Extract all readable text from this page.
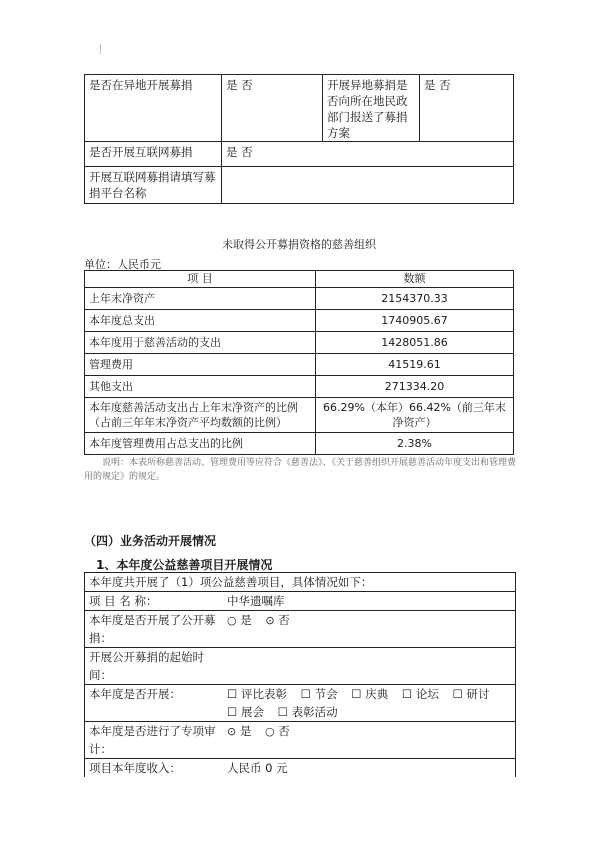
是否在异地开展募捐	是 否	开展异地募捐是否向所在地民政部门报送了募捐方案	是 否
是否开展互联网募捐	是 否		
开展互联网募捐请填写募捐平台名称			
未取得公开募捐资格的慈善组织
单位：人民币元
项 目	数额
上年末净资产	2154370.33
本年度总支出	1740905.67
本年度用于慈善活动的支出	1428051.86
管理费用	41519.61
其他支出	271334.20
本年度慈善活动支出占上年末净资产的比例（占前三年年末净资产平均数额的比例）	66.29%（本年）66.42%（前三年末净资产）
本年度管理费用占总支出的比例	2.38%
说明：本表所称慈善活动、管理费用等应符合《慈善法》、《关于慈善组织开展慈善活动年度支出和管理费用的规定》的规定。
（四）业务活动开展情况
1、本年度公益慈善项目开展情况
本年度共开展了（1）项公益慈善项目，具体情况如下：	
项 目 名 称：	中华遗嘱库
本年度是否开展了公开募捐：	○ 是 ⊙ 否
开展公开募捐的起始时间：	
本年度是否开展：	☐ 评比表彰 ☐ 节会 ☐ 庆典 ☐ 论坛 ☐ 研讨 ☐ 展会 ☐ 表彰活动
本年度是否进行了专项审计：	⊙ 是 ○ 否
项目本年度收入：	人民币 0 元
